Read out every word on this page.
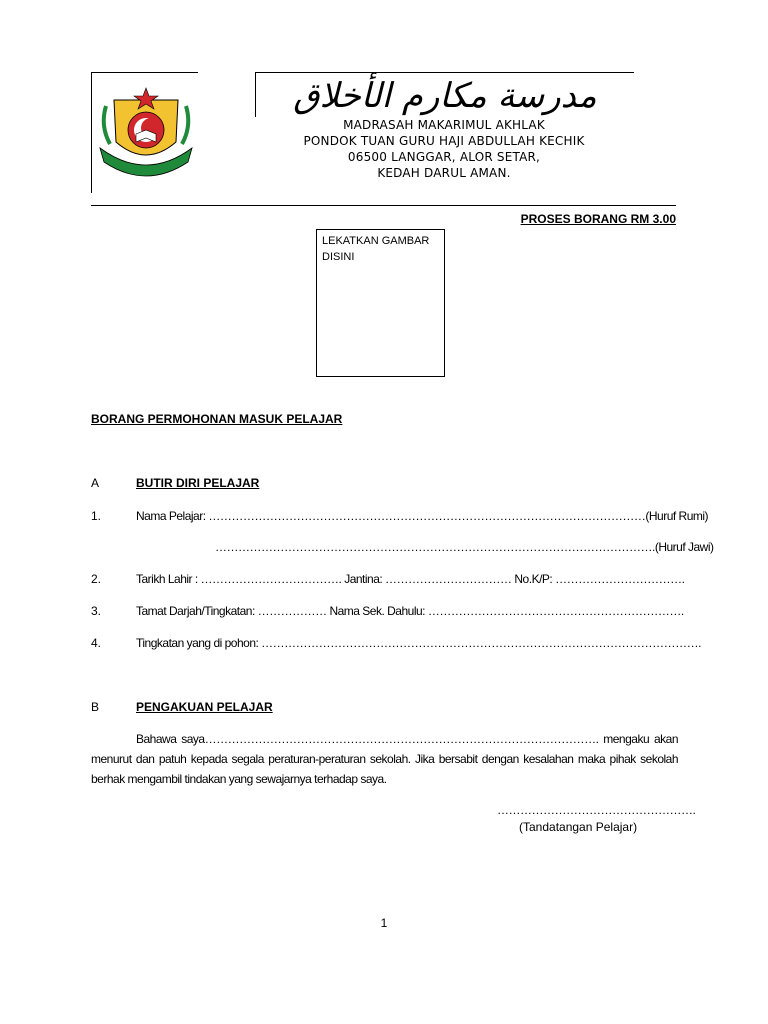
مدرسة مكارم الأخلاق
MADRASAH MAKARIMUL AKHLAK
PONDOK TUAN GURU HAJI ABDULLAH KECHIK
06500 LANGGAR, ALOR SETAR,
KEDAH DARUL AMAN.
PROSES BORANG RM 3.00
LEKATKAN GAMBAR
DISINI
BORANG PERMOHONAN MASUK PELAJAR
A	BUTIR DIRI PELAJAR
1.	Nama Pelajar: ……………………………………………………………………………………………………(Huruf Rumi)
…………………………………………………………………………………………………….(Huruf Jawi)
2.	Tarikh Lahir : ………………………………. Jantina: …………………………… No.K/P: …………………………….
3.	Tamat Darjah/Tingkatan: ……………… Nama Sek. Dahulu: ………………………………………………………….
4.	Tingkatan yang di pohon: …………………………………………………………………………………………………….
B	PENGAKUAN PELAJAR
Bahawa saya…………………………………………………………………………………………. mengaku akan menurut dan patuh kepada segala peraturan-peraturan sekolah. Jika bersabit dengan kesalahan maka pihak sekolah berhak mengambil tindakan yang sewajarnya terhadap saya.
…………………………………………….
(Tandatangan Pelajar)
1
